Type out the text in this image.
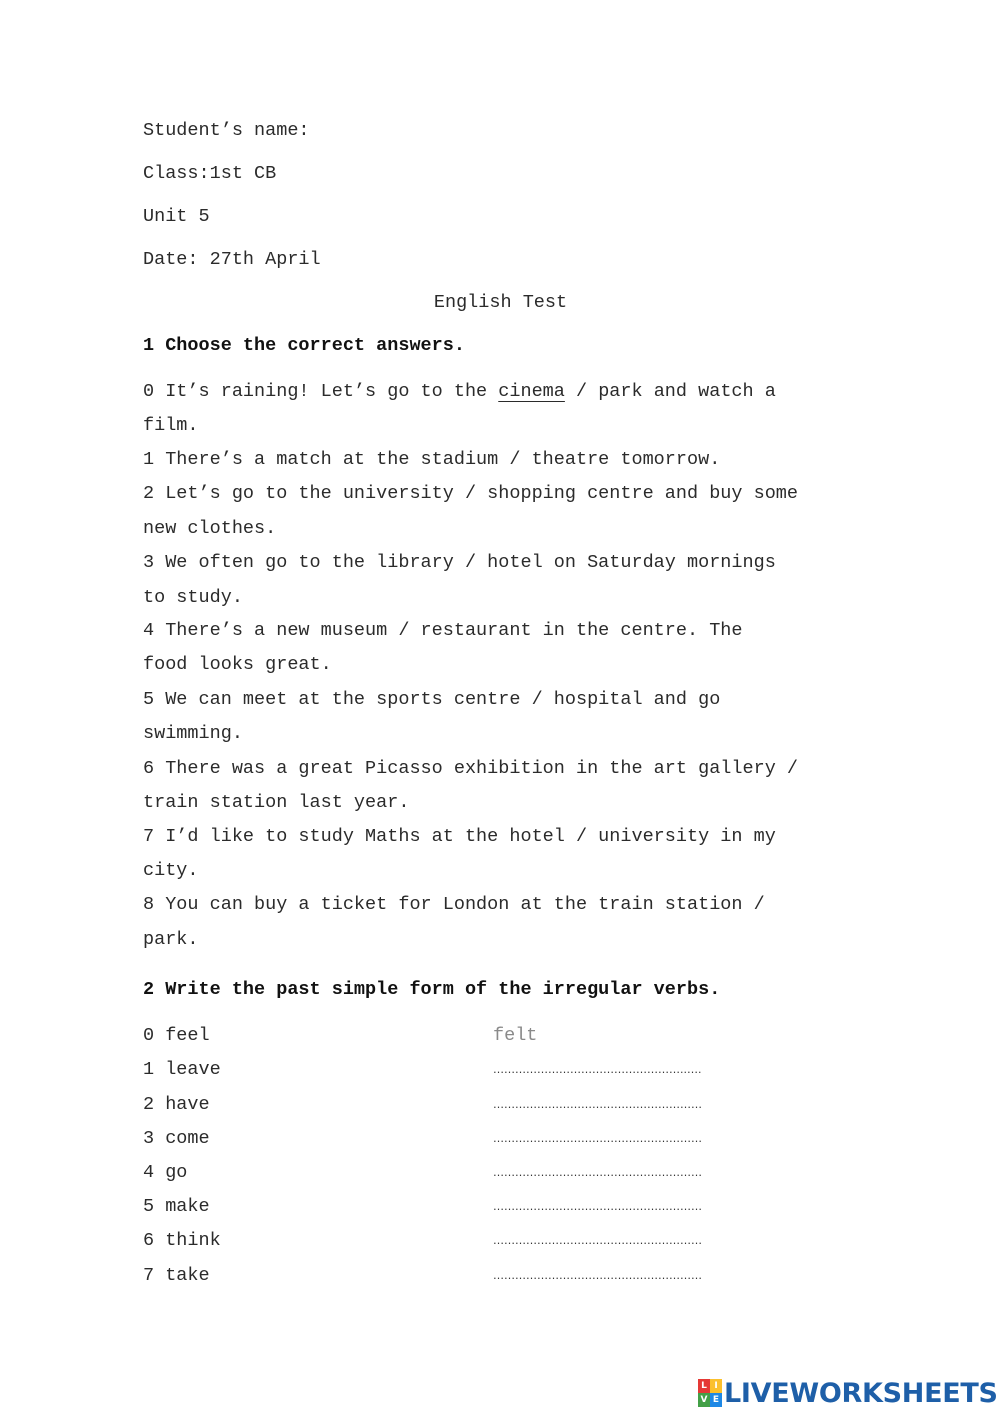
Student’s name:
Class:1st CB
Unit 5
Date: 27th April
English Test
1 Choose the correct answers.
0 It’s raining! Let’s go to the cinema / park and watch a
film.
1 There’s a match at the stadium / theatre tomorrow.
2 Let’s go to the university / shopping centre and buy some
new clothes.
3 We often go to the library / hotel on Saturday mornings
to study.
4 There’s a new museum / restaurant in the centre. The
food looks great.
5 We can meet at the sports centre / hospital and go
swimming.
6 There was a great Picasso exhibition in the art gallery /
train station last year.
7 I’d like to study Maths at the hotel / university in my
city.
8 You can buy a ticket for London at the train station /
park.
2 Write the past simple form of the irregular verbs.
0 feel	felt
1 leave	……………………………………………..….
2 have	…………………………………………………
3 come	…………………………………………………
4 go	…………………………………………………
5 make	…………………………………………………
6 think	…………………………………………………
7 take	…………………………………………………
L I
V E LIVEWORKSHEETS
